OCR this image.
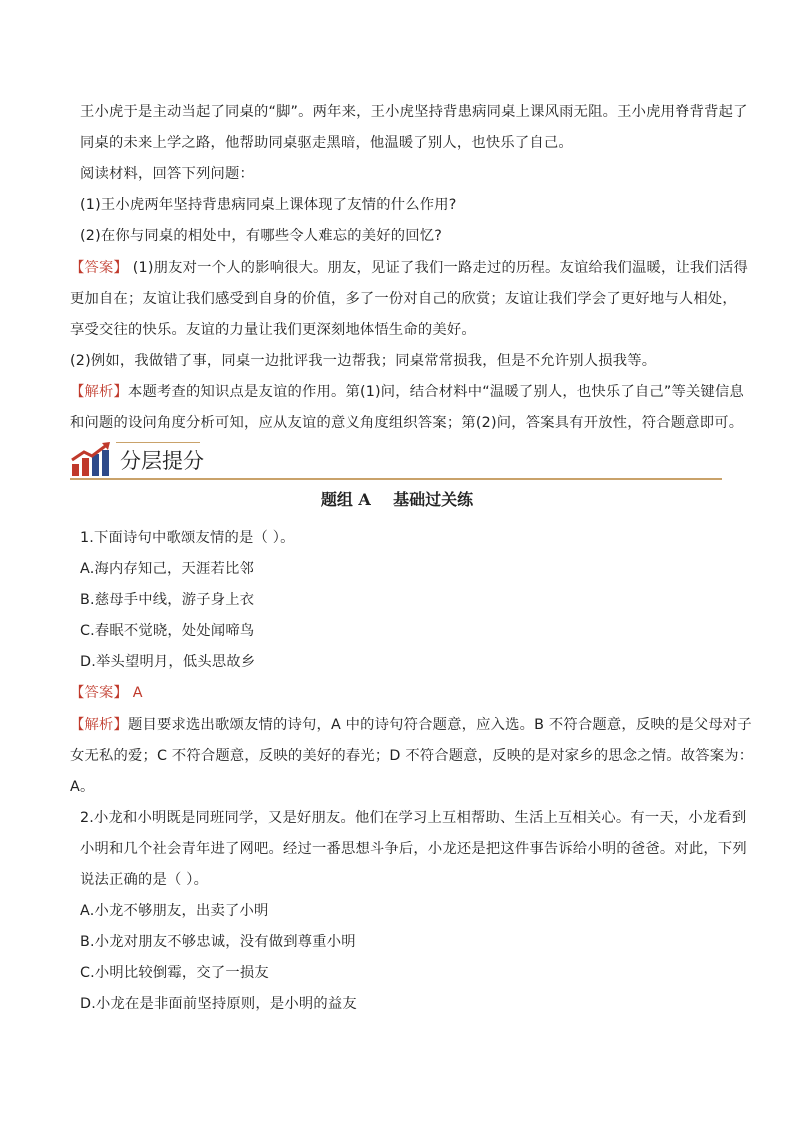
王小虎于是主动当起了同桌的“脚”。两年来，王小虎坚持背患病同桌上课风雨无阻。王小虎用脊背背起了
同桌的未来上学之路，他帮助同桌驱走黑暗，他温暖了别人，也快乐了自己。
阅读材料，回答下列问题：
(1)王小虎两年坚持背患病同桌上课体现了友情的什么作用?
(2)在你与同桌的相处中，有哪些令人难忘的美好的回忆?
【答案】 (1)朋友对一个人的影响很大。朋友，见证了我们一路走过的历程。友谊给我们温暖，让我们活得
更加自在；友谊让我们感受到自身的价值，多了一份对自己的欣赏；友谊让我们学会了更好地与人相处，
享受交往的快乐。友谊的力量让我们更深刻地体悟生命的美好。
(2)例如，我做错了事，同桌一边批评我一边帮我；同桌常常损我，但是不允许别人损我等。
【解析】本题考查的知识点是友谊的作用。第(1)问，结合材料中“温暖了别人，也快乐了自己”等关键信息
和问题的设问角度分析可知，应从友谊的意义角度组织答案；第(2)问，答案具有开放性，符合题意即可。
分层提分
题组 A    基础过关练
1.下面诗句中歌颂友情的是（ ）。
A.海内存知己，天涯若比邻
B.慈母手中线，游子身上衣
C.春眠不觉晓，处处闻啼鸟
D.举头望明月，低头思故乡
【答案】 A
【解析】题目要求选出歌颂友情的诗句，A 中的诗句符合题意，应入选。B 不符合题意，反映的是父母对子
女无私的爱；C 不符合题意，反映的美好的春光；D 不符合题意，反映的是对家乡的思念之情。故答案为：
A。
2.小龙和小明既是同班同学，又是好朋友。他们在学习上互相帮助、生活上互相关心。有一天，小龙看到
小明和几个社会青年进了网吧。经过一番思想斗争后，小龙还是把这件事告诉给小明的爸爸。对此，下列
说法正确的是（ ）。
A.小龙不够朋友，出卖了小明
B.小龙对朋友不够忠诚，没有做到尊重小明
C.小明比较倒霉，交了一损友
D.小龙在是非面前坚持原则，是小明的益友
